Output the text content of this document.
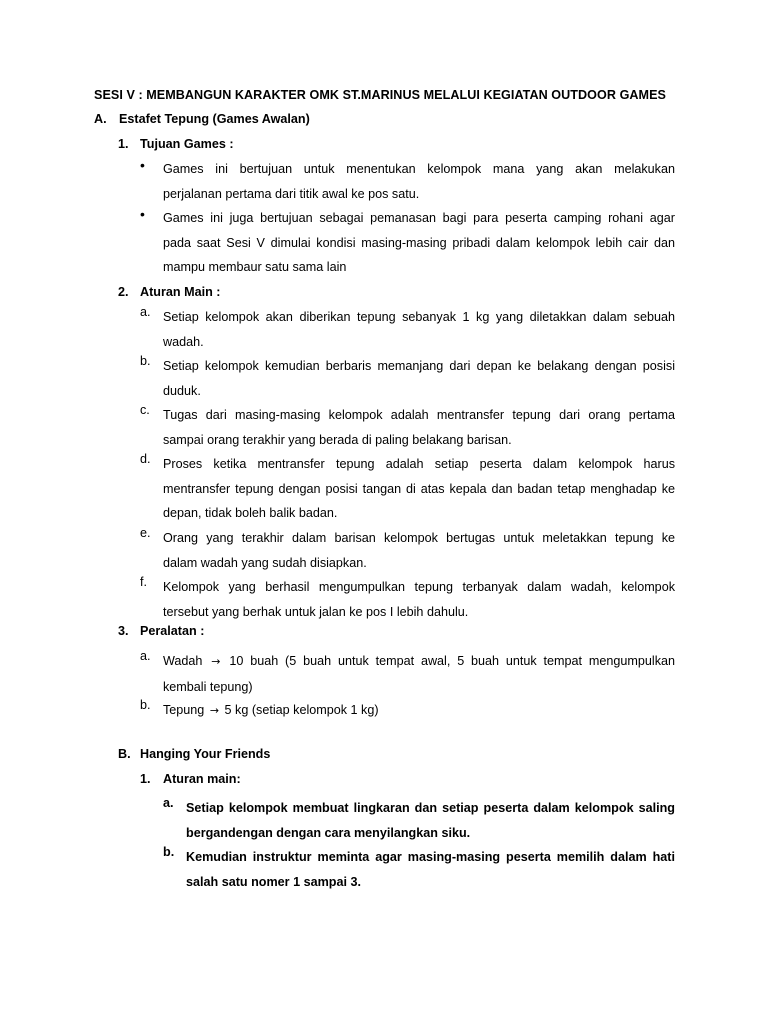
SESI V : MEMBANGUN KARAKTER OMK ST.MARINUS MELALUI KEGIATAN OUTDOOR GAMES
A. Estafet Tepung (Games Awalan)
1. Tujuan Games :
• Games ini bertujuan untuk menentukan kelompok mana yang akan melakukan
perjalanan pertama dari titik awal ke pos satu.
• Games ini juga bertujuan sebagai pemanasan bagi para peserta camping rohani agar
pada saat Sesi V dimulai kondisi masing-masing pribadi dalam kelompok lebih cair dan
mampu membaur satu sama lain
2. Aturan Main :
a. Setiap kelompok akan diberikan tepung sebanyak 1 kg yang diletakkan dalam sebuah
wadah.
b. Setiap kelompok kemudian berbaris memanjang dari depan ke belakang dengan posisi
duduk.
c. Tugas dari masing-masing kelompok adalah mentransfer tepung dari orang pertama
sampai orang terakhir yang berada di paling belakang barisan.
d. Proses ketika mentransfer tepung adalah setiap peserta dalam kelompok harus
mentransfer tepung dengan posisi tangan di atas kepala dan badan tetap menghadap ke
depan, tidak boleh balik badan.
e. Orang yang terakhir dalam barisan kelompok bertugas untuk meletakkan tepung ke
dalam wadah yang sudah disiapkan.
f. Kelompok yang berhasil mengumpulkan tepung terbanyak dalam wadah, kelompok
tersebut yang berhak untuk jalan ke pos I lebih dahulu.
3. Peralatan :
a. Wadah → 10 buah (5 buah untuk tempat awal, 5 buah untuk tempat mengumpulkan
kembali tepung)
b. Tepung → 5 kg (setiap kelompok 1 kg)
B. Hanging Your Friends
1. Aturan main:
a. Setiap kelompok membuat lingkaran dan setiap peserta dalam kelompok saling
bergandengan dengan cara menyilangkan siku.
b. Kemudian instruktur meminta agar masing-masing peserta memilih dalam hati
salah satu nomer 1 sampai 3.
